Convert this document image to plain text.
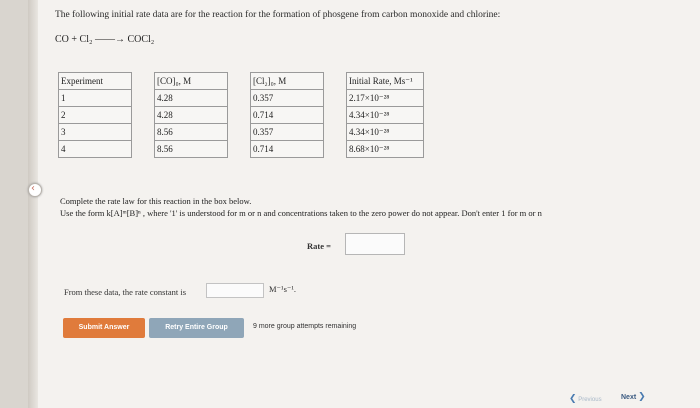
The following initial rate data are for the reaction for the formation of phosgene from carbon monoxide and chlorine:
CO + Cl₂ ——→ COCl₂
Experiment		[CO]₀, M		[Cl₂]₀, M		Initial Rate, Ms⁻¹
1		4.28		0.357		2.17×10⁻²⁸
2		4.28		0.714		4.34×10⁻²⁸
3		8.56		0.357		4.34×10⁻²⁸
4		8.56		0.714		8.68×10⁻²⁸
‹
Complete the rate law for this reaction in the box below.
Use the form k[A]ᵐ[B]ⁿ , where '1' is understood for m or n and concentrations taken to the zero power do not appear. Don't enter 1 for m or n
Rate =
From these data, the rate constant is	M⁻¹s⁻¹.
Submit Answer	Retry Entire Group	9 more group attempts remaining
❮ Previous	Next ❯
